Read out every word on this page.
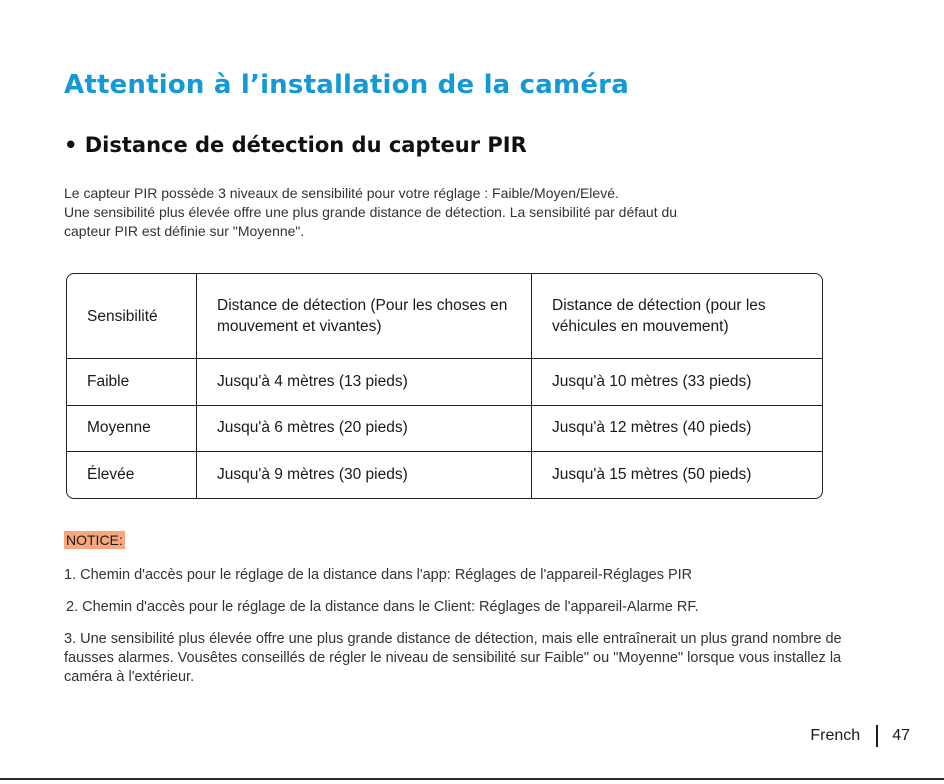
Attention à l’installation de la caméra
• Distance de détection du capteur PIR

Le capteur PIR possède 3 niveaux de sensibilité pour votre réglage : Faible/Moyen/Elevé.
Une sensibilité plus élevée offre une plus grande distance de détection. La sensibilité par défaut du
capteur PIR est définie sur "Moyenne".

Sensibilité	Distance de détection (Pour les choses en mouvement et vivantes)	Distance de détection (pour les véhicules en mouvement)
Faible	Jusqu'à 4 mètres (13 pieds)	Jusqu'à 10 mètres (33 pieds)
Moyenne	Jusqu'à 6 mètres (20 pieds)	Jusqu'à 12 mètres (40 pieds)
Élevée	Jusqu'à 9 mètres (30 pieds)	Jusqu'à 15 mètres (50 pieds)

NOTICE:

1. Chemin d'accès pour le réglage de la distance dans l'app: Réglages de l'appareil-Réglages PIR
2. Chemin d'accès pour le réglage de la distance dans le Client: Réglages de l'appareil-Alarme RF.
3. Une sensibilité plus élevée offre une plus grande distance de détection, mais elle entraînerait un plus grand nombre de fausses alarmes. Vousêtes conseillés de régler le niveau de sensibilité sur Faible" ou "Moyenne" lorsque vous installez la caméra à l'extérieur.
French 47
